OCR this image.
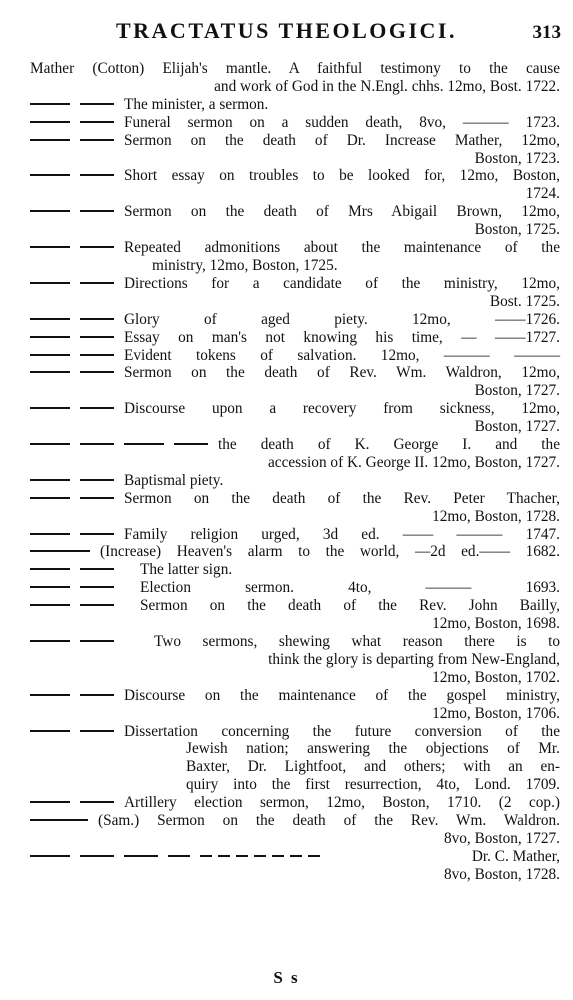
TRACTATUS THEOLOGICI.	313
Mather (Cotton) Elijah's mantle. A faithful testimony to the cause
and work of God in the N.Engl. chhs. 12mo, Bost. 1722.
The minister, a sermon.
Funeral sermon on a sudden death, 8vo, ——— 1723.
Sermon on the death of Dr. Increase Mather, 12mo,
Boston, 1723.
Short essay on troubles to be looked for, 12mo, Boston,
1724.
Sermon on the death of Mrs Abigail Brown, 12mo,
Boston, 1725.
Repeated admonitions about the maintenance of the
ministry, 12mo, Boston, 1725.
Directions for a candidate of the ministry, 12mo,
Bost. 1725.
Glory of aged piety. 12mo, ——1726.
Essay on man's not knowing his time, — ——1727.
Evident tokens of salvation. 12mo, ——— ———
Sermon on the death of Rev. Wm. Waldron, 12mo,
Boston, 1727.
Discourse upon a recovery from sickness, 12mo,
Boston, 1727.
the death of K. George I. and the
accession of K. George II. 12mo, Boston, 1727.
Baptismal piety.
Sermon on the death of the Rev. Peter Thacher,
12mo, Boston, 1728.
Family religion urged, 3d ed. —— ——— 1747.
(Increase) Heaven's alarm to the world, —2d ed.—— 1682.
The latter sign.
Election sermon. 4to, ——— 1693.
Sermon on the death of the Rev. John Bailly,
12mo, Boston, 1698.
Two sermons, shewing what reason there is to
think the glory is departing from New-England,
12mo, Boston, 1702.
Discourse on the maintenance of the gospel ministry,
12mo, Boston, 1706.
Dissertation concerning the future conversion of the
Jewish nation; answering the objections of Mr.
Baxter, Dr. Lightfoot, and others; with an en-
quiry into the first resurrection, 4to, Lond. 1709.
Artillery election sermon, 12mo, Boston, 1710. (2 cop.)
(Sam.) Sermon on the death of the Rev. Wm. Waldron.
8vo, Boston, 1727.
Dr. C. Mather,
8vo, Boston, 1728.
S s
